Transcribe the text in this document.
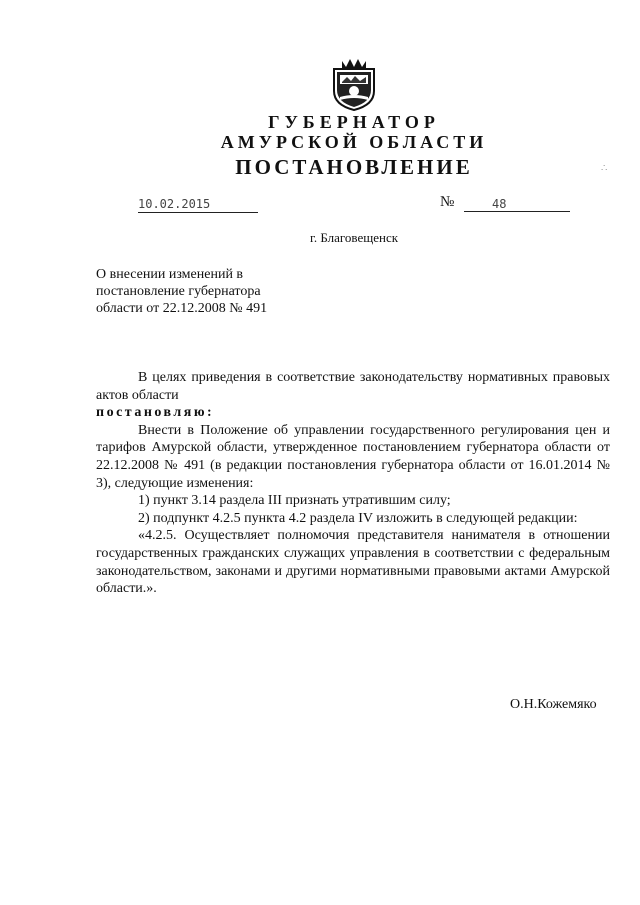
ГУБЕРНАТОР
АМУРСКОЙ ОБЛАСТИ
ПОСТАНОВЛЕНИЕ	∴
10.02.2015	№	48
г. Благовещенск
О внесении изменений в
постановление губернатора
области от 22.12.2008 № 491

В целях приведения в соответствие законодательству нормативных правовых актов области

постановляю:

Внести в Положение об управлении государственного регулирования цен и тарифов Амурской области, утвержденное постановлением губернатора области от 22.12.2008 № 491 (в редакции постановления губернатора области от 16.01.2014 № 3), следующие изменения:

1) пункт 3.14 раздела III признать утратившим силу;

2) подпункт 4.2.5 пункта 4.2 раздела IV изложить в следующей редакции:

«4.2.5. Осуществляет полномочия представителя нанимателя в отношении государственных гражданских служащих управления в соответствии с федеральным законодательством, законами и другими нормативными правовыми актами Амурской области.».

О.Н.Кожемяко
